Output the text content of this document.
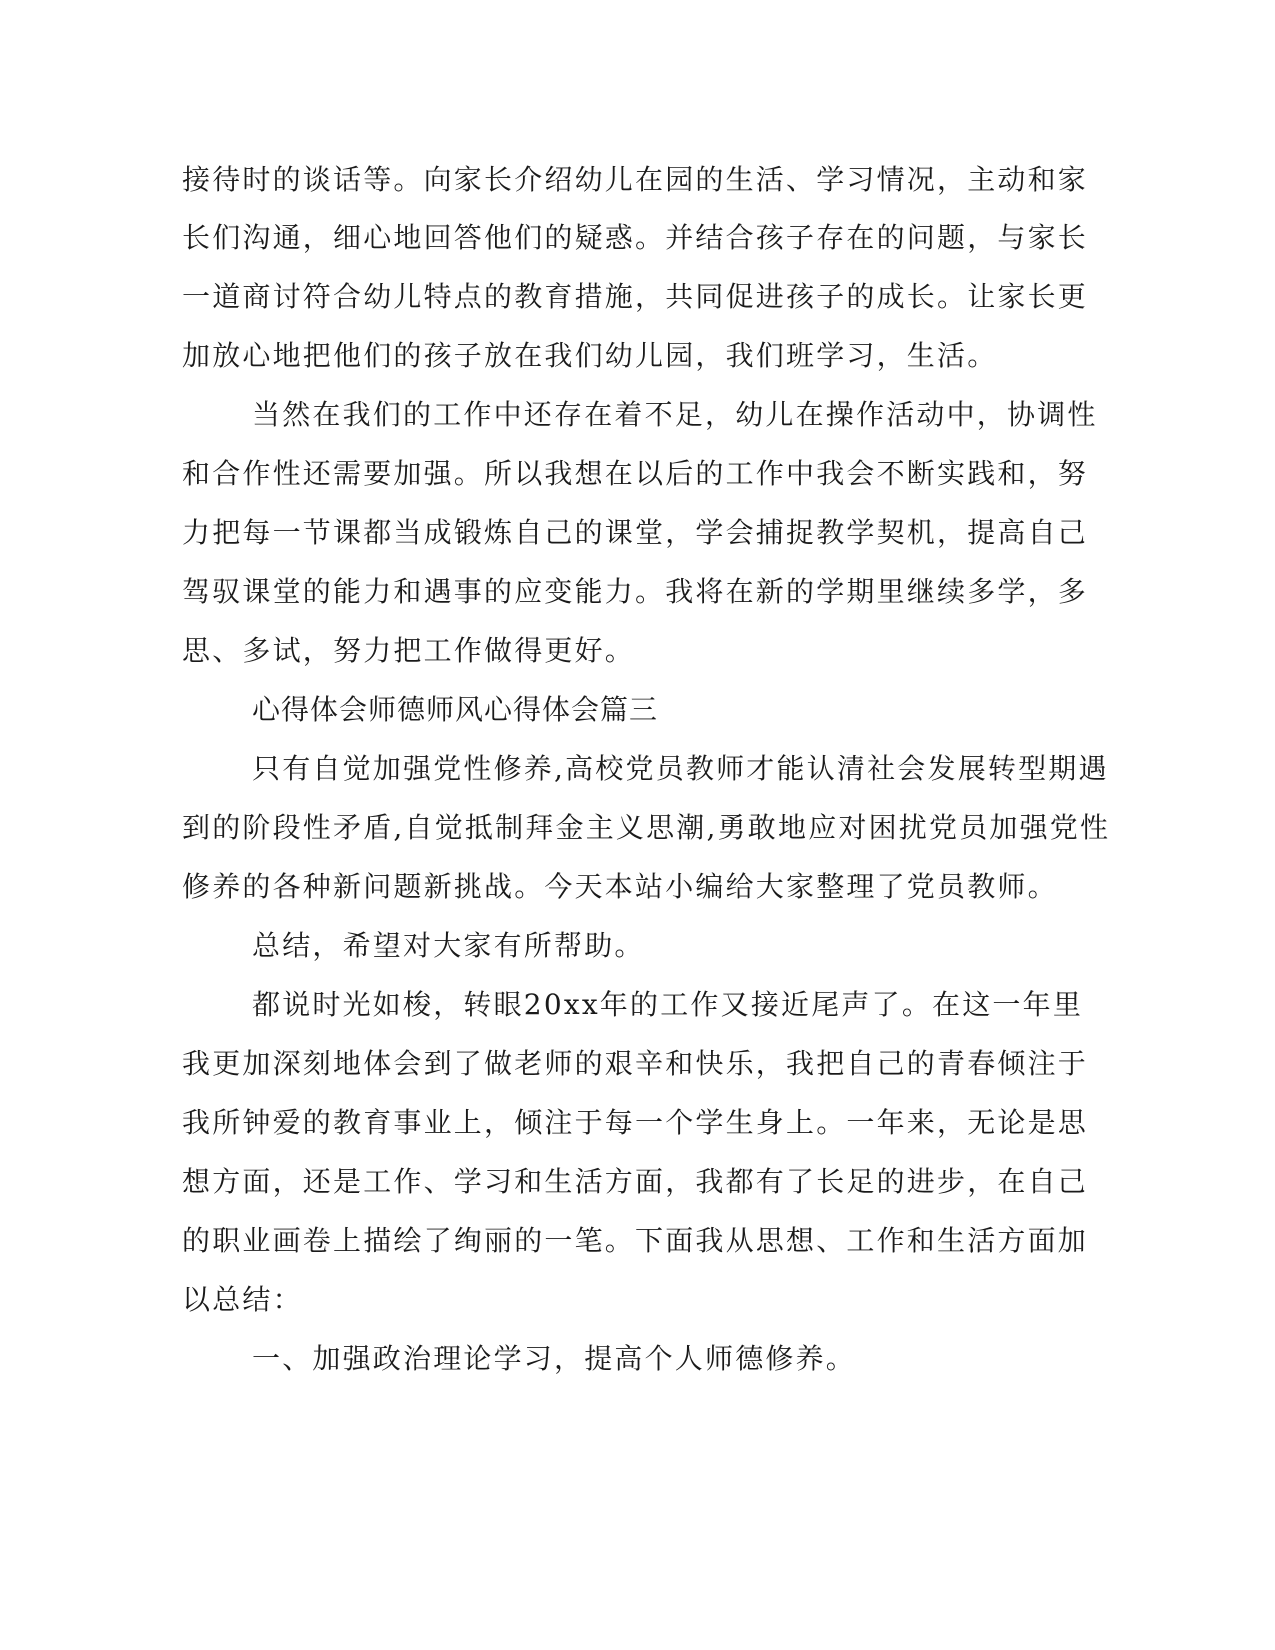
接待时的谈话等。向家长介绍幼儿在园的生活、学习情况，主动和家

长们沟通，细心地回答他们的疑惑。并结合孩子存在的问题，与家长

一道商讨符合幼儿特点的教育措施，共同促进孩子的成长。让家长更

加放心地把他们的孩子放在我们幼儿园，我们班学习，生活。

当然在我们的工作中还存在着不足，幼儿在操作活动中，协调性

和合作性还需要加强。所以我想在以后的工作中我会不断实践和，努

力把每一节课都当成锻炼自己的课堂，学会捕捉教学契机，提高自己

驾驭课堂的能力和遇事的应变能力。我将在新的学期里继续多学，多

思、多试，努力把工作做得更好。

心得体会师德师风心得体会篇三

只有自觉加强党性修养,高校党员教师才能认清社会发展转型期遇

到的阶段性矛盾,自觉抵制拜金主义思潮,勇敢地应对困扰党员加强党性

修养的各种新问题新挑战。今天本站小编给大家整理了党员教师。

总结，希望对大家有所帮助。

都说时光如梭，转眼20xx年的工作又接近尾声了。在这一年里

我更加深刻地体会到了做老师的艰辛和快乐，我把自己的青春倾注于

我所钟爱的教育事业上，倾注于每一个学生身上。一年来，无论是思

想方面，还是工作、学习和生活方面，我都有了长足的进步，在自己

的职业画卷上描绘了绚丽的一笔。下面我从思想、工作和生活方面加

以总结：

一、加强政治理论学习，提高个人师德修养。
